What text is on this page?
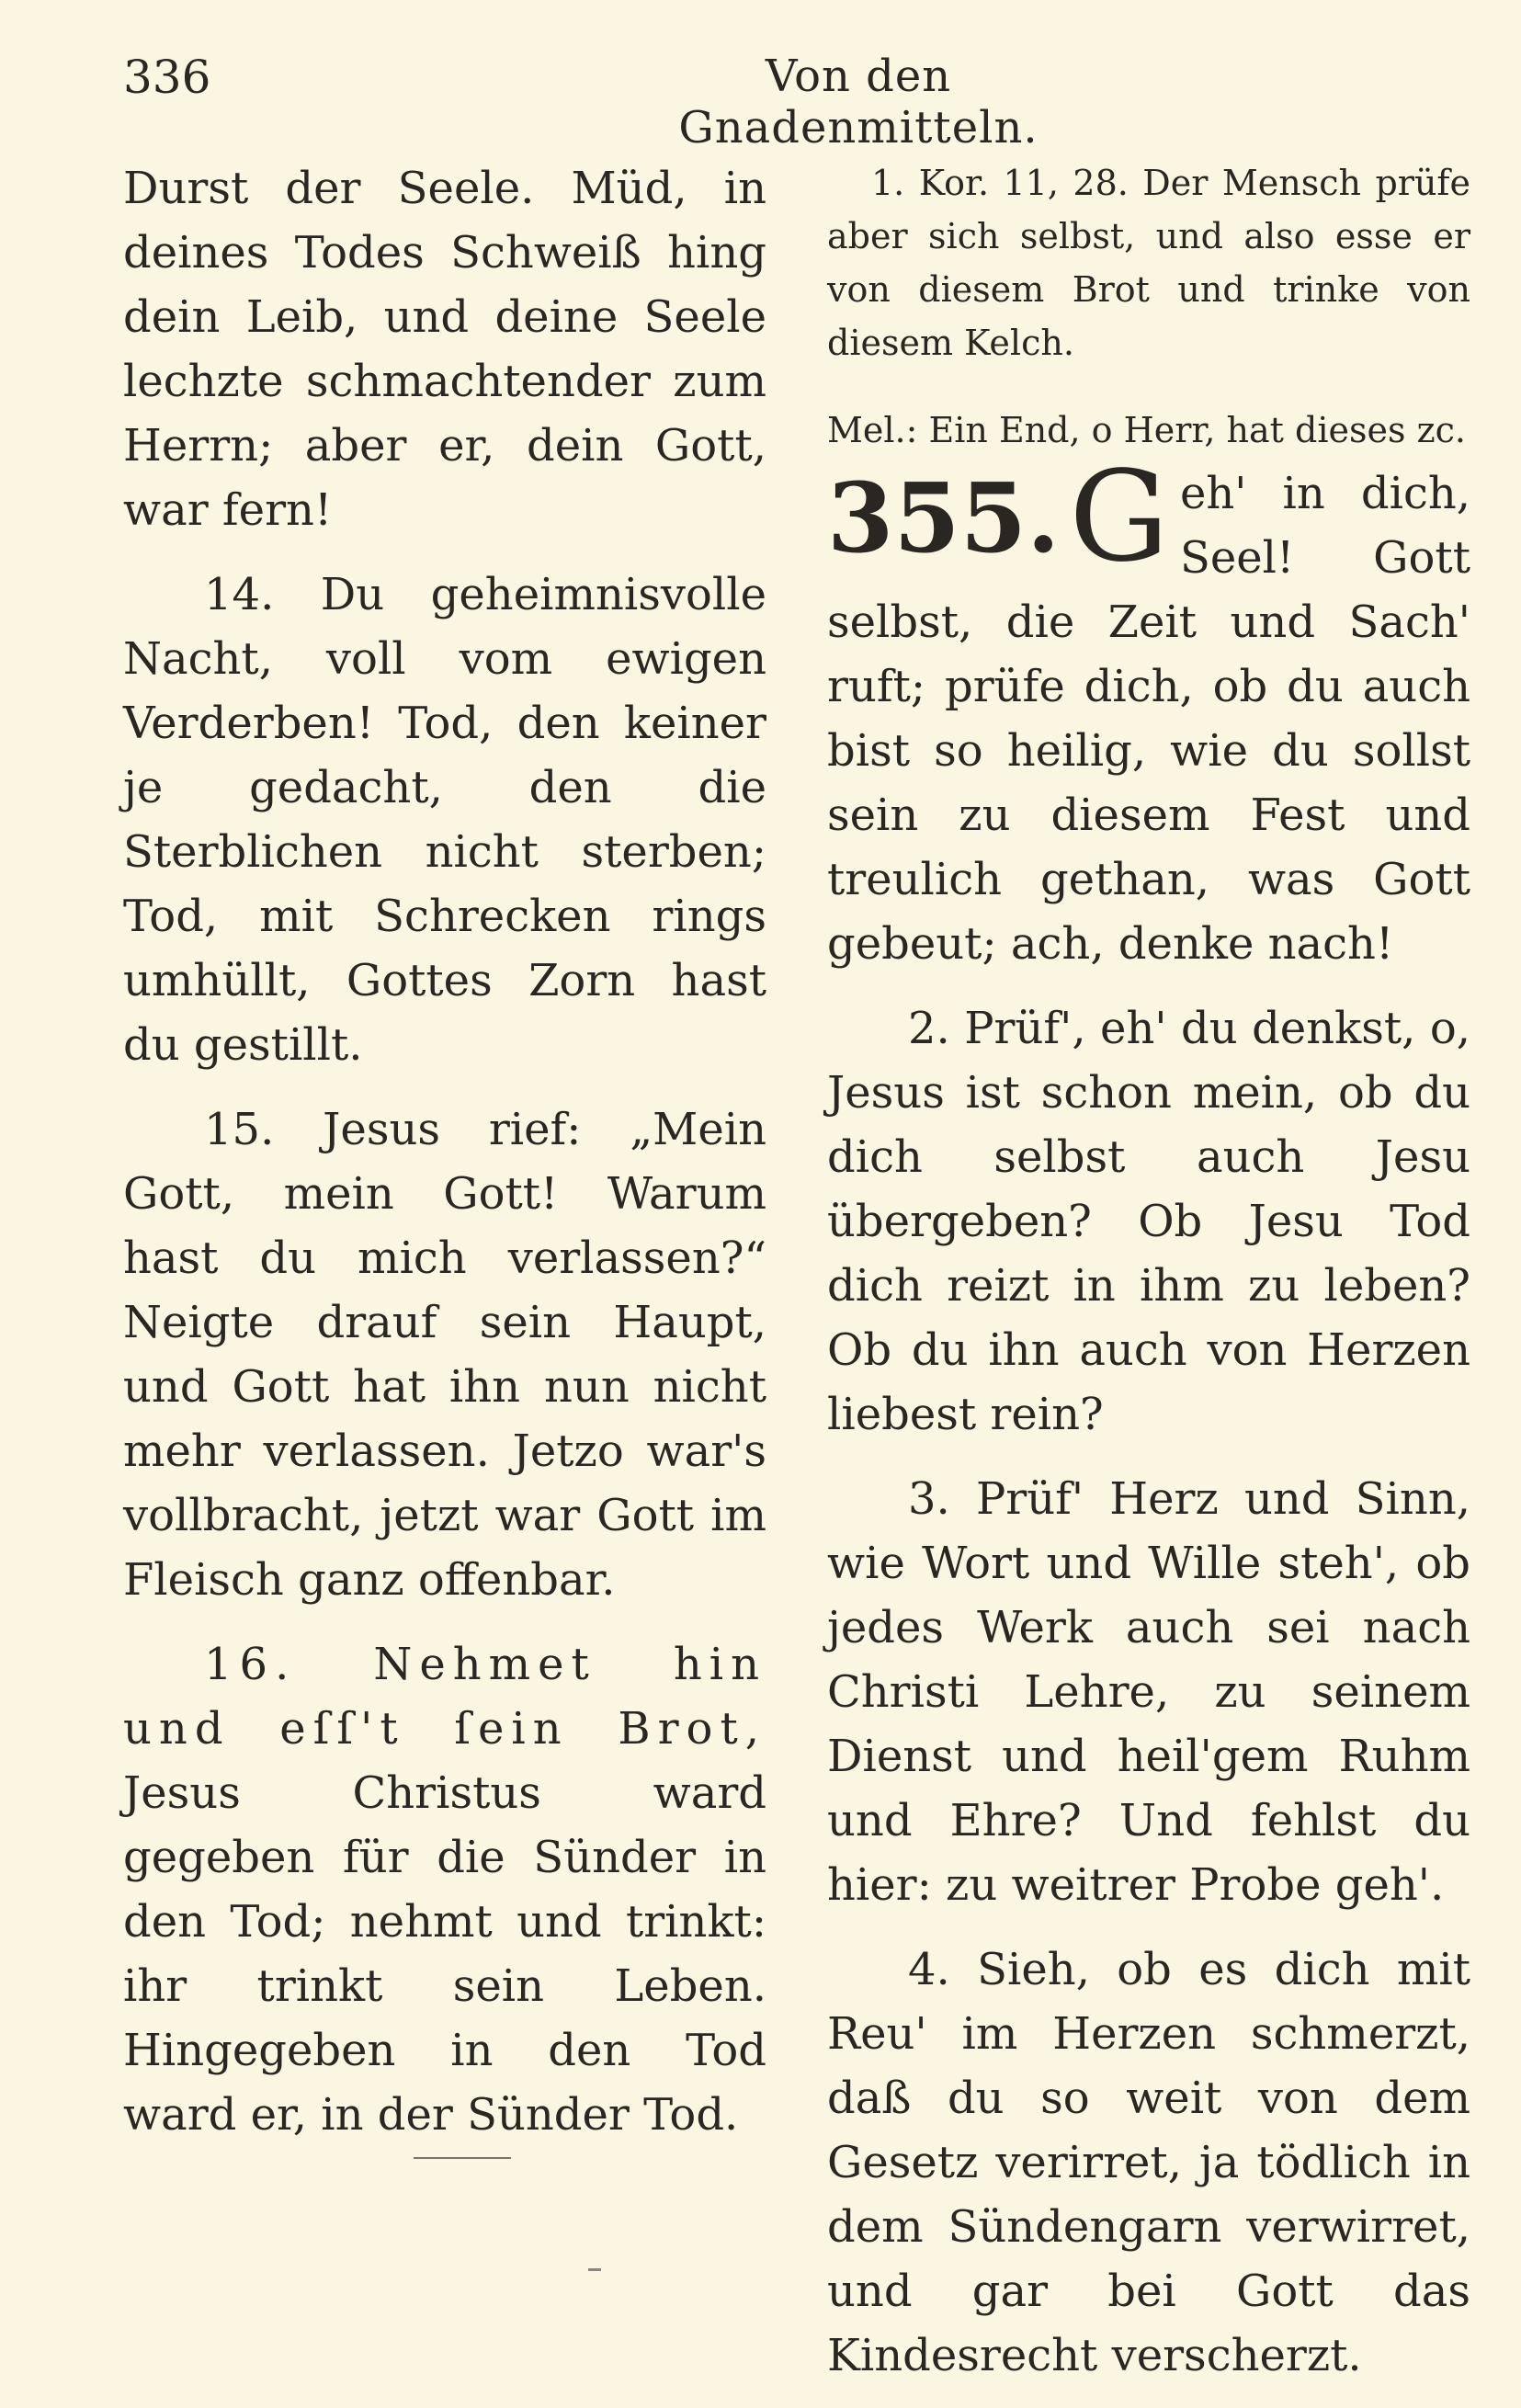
336	Von den Gnadenmitteln.

Durst der Seele. Müd, in deines Todes Schweiß hing dein Leib, und deine Seele lechzte schmachtender zum Herrn; aber er, dein Gott, war fern!

14. Du geheimnisvolle Nacht, voll vom ewigen Verderben! Tod, den keiner je gedacht, den die Sterblichen nicht sterben; Tod, mit Schrecken rings umhüllt, Gottes Zorn hast du gestillt.

15. Jesus rief: „Mein Gott, mein Gott! Warum hast du mich verlassen?“ Neigte drauf sein Haupt, und Gott hat ihn nun nicht mehr verlassen. Jetzo war's vollbracht, jetzt war Gott im Fleisch ganz offenbar.

16. Nehmet hin und eſſ't ſein Brot, Jesus Christus ward gegeben für die Sünder in den Tod; nehmt und trinkt: ihr trinkt sein Leben. Hingegeben in den Tod ward er, in der Sünder Tod.

1. Kor. 11, 28. Der Mensch prüfe aber sich selbst, und also esse er von diesem Brot und trinke von diesem Kelch.

Mel.: Ein End, o Herr, hat dieses zc.

355. G eh' in dich, Seel! Gott selbst, die Zeit und Sach' ruft; prüfe dich, ob du auch bist so heilig, wie du sollst sein zu diesem Fest und treulich gethan, was Gott gebeut; ach, denke nach!

2. Prüf', eh' du denkst, o, Jesus ist schon mein, ob du dich selbst auch Jesu übergeben? Ob Jesu Tod dich reizt in ihm zu leben? Ob du ihn auch von Herzen liebest rein?

3. Prüf' Herz und Sinn, wie Wort und Wille steh', ob jedes Werk auch sei nach Christi Lehre, zu seinem Dienst und heil'gem Ruhm und Ehre? Und fehlst du hier: zu weitrer Probe geh'.

4. Sieh, ob es dich mit Reu' im Herzen schmerzt, daß du so weit von dem Gesetz verirret, ja tödlich in dem Sündengarn verwirret, und gar bei Gott das Kindesrecht verscherzt.
